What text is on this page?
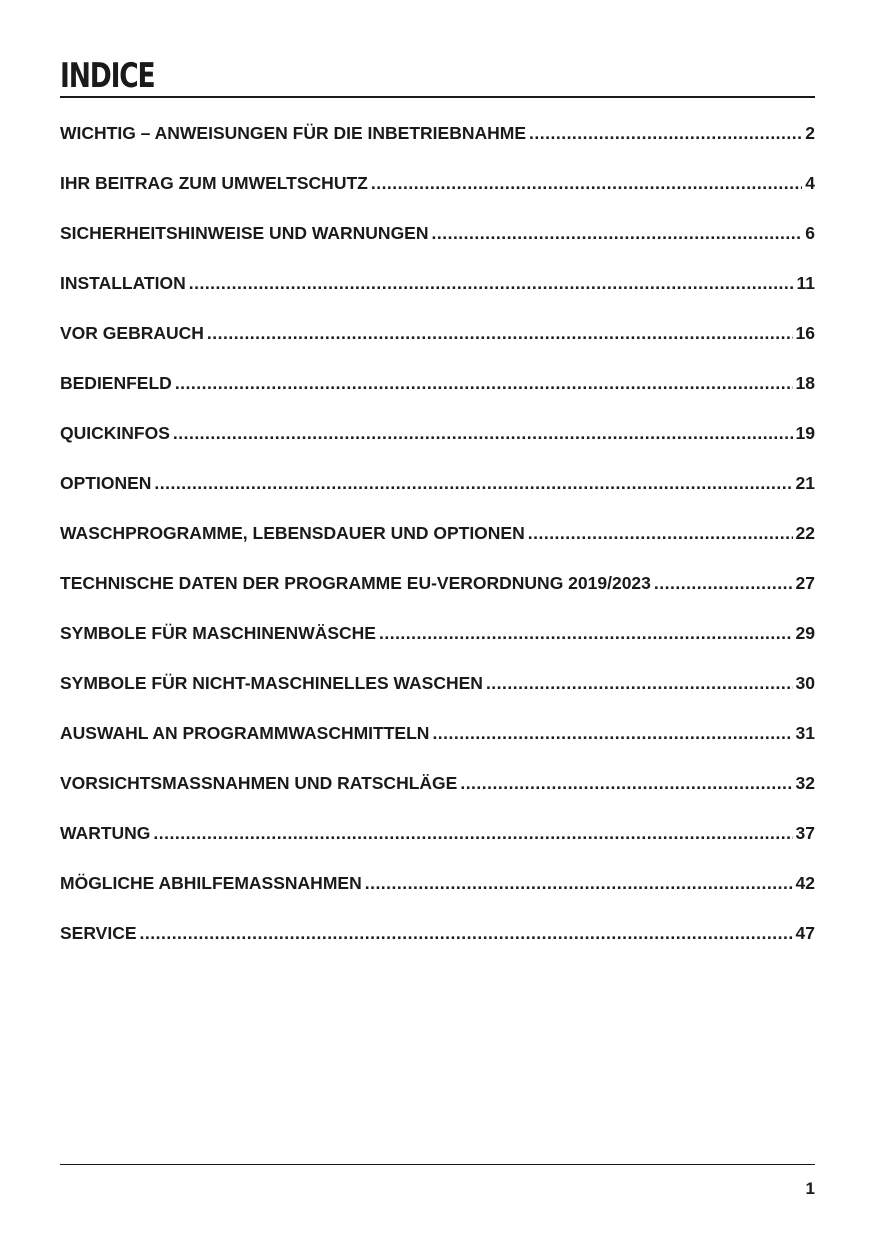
INDICE
WICHTIG – ANWEISUNGEN FÜR DIE INBETRIEBNAHME .....	2
IHR BEITRAG ZUM UMWELTSCHUTZ .....	4
SICHERHEITSHINWEISE UND WARNUNGEN .....	6
INSTALLATION .....	11
VOR GEBRAUCH .....	16
BEDIENFELD .....	18
QUICKINFOS .....	19
OPTIONEN .....	21
WASCHPROGRAMME, LEBENSDAUER UND OPTIONEN .....	22
TECHNISCHE DATEN DER PROGRAMME EU-VERORDNUNG 2019/2023 .....	27
SYMBOLE FÜR MASCHINENWÄSCHE .....	29
SYMBOLE FÜR NICHT-MASCHINELLES WASCHEN .....	30
AUSWAHL AN PROGRAMMWASCHMITTELN .....	31
VORSICHTSMASSNAHMEN UND RATSCHLÄGE .....	32
WARTUNG .....	37
MÖGLICHE ABHILFEMASSNAHMEN .....	42
SERVICE .....	47
1
